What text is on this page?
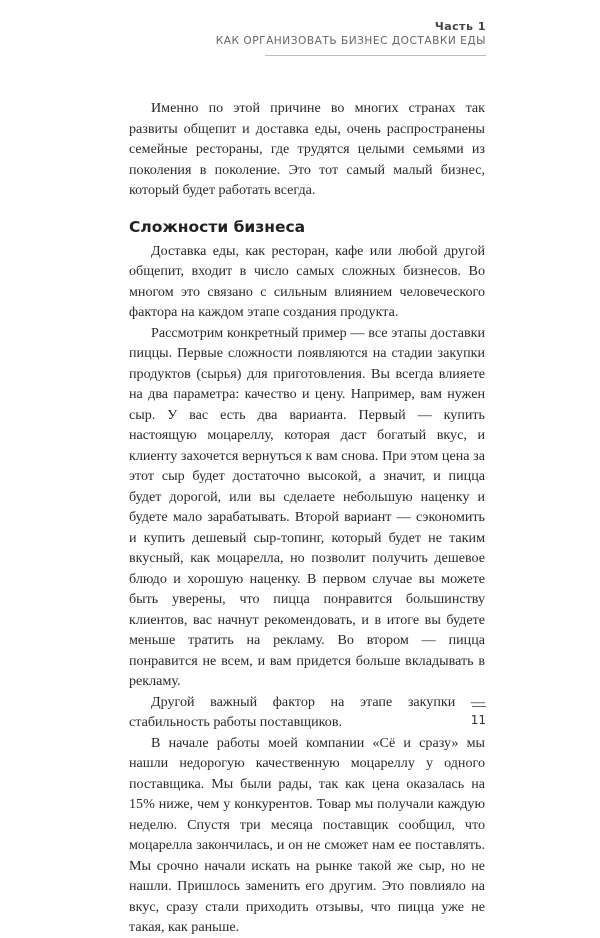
Часть 1
КАК ОРГАНИЗОВАТЬ БИЗНЕС ДОСТАВКИ ЕДЫ

Именно по этой причине во многих странах так развиты общепит и доставка еды, очень распространены семейные рестораны, где трудятся целыми семьями из поколения в поколение. Это тот самый малый бизнес, который будет работать всегда.

Сложности бизнеса

Доставка еды, как ресторан, кафе или любой другой общепит, входит в число самых сложных бизнесов. Во многом это связано с сильным влиянием человеческого фактора на каждом этапе создания продукта.

Рассмотрим конкретный пример — все этапы доставки пиццы. Первые сложности появляются на стадии закупки продуктов (сырья) для приготовления. Вы всегда влияете на два параметра: качество и цену. Например, вам нужен сыр. У вас есть два варианта. Первый — купить настоящую моцареллу, которая даст богатый вкус, и клиенту захочется вернуться к вам снова. При этом цена за этот сыр будет достаточно высокой, а значит, и пицца будет дорогой, или вы сделаете небольшую наценку и будете мало зарабатывать. Второй вариант — сэкономить и купить дешевый сыр-топинг, который будет не таким вкусный, как моцарелла, но позволит получить дешевое блюдо и хорошую наценку. В первом случае вы можете быть уверены, что пицца понравится большинству клиентов, вас начнут рекомендовать, и в итоге вы будете меньше тратить на рекламу. Во втором — пицца понравится не всем, и вам придется больше вкладывать в рекламу.

Другой важный фактор на этапе закупки — стабильность работы поставщиков.

В начале работы моей компании «Сё и сразу» мы нашли недорогую качественную моцареллу у одного поставщика. Мы были рады, так как цена оказалась на 15% ниже, чем у конкурентов. Товар мы получали каждую неделю. Спустя три месяца поставщик сообщил, что моцарелла закончилась, и он не сможет нам ее поставлять. Мы срочно начали искать на рынке такой же сыр, но не нашли. Пришлось заменить его другим. Это повлияло на вкус, сразу стали приходить отзывы, что пицца уже не такая, как раньше.

11
